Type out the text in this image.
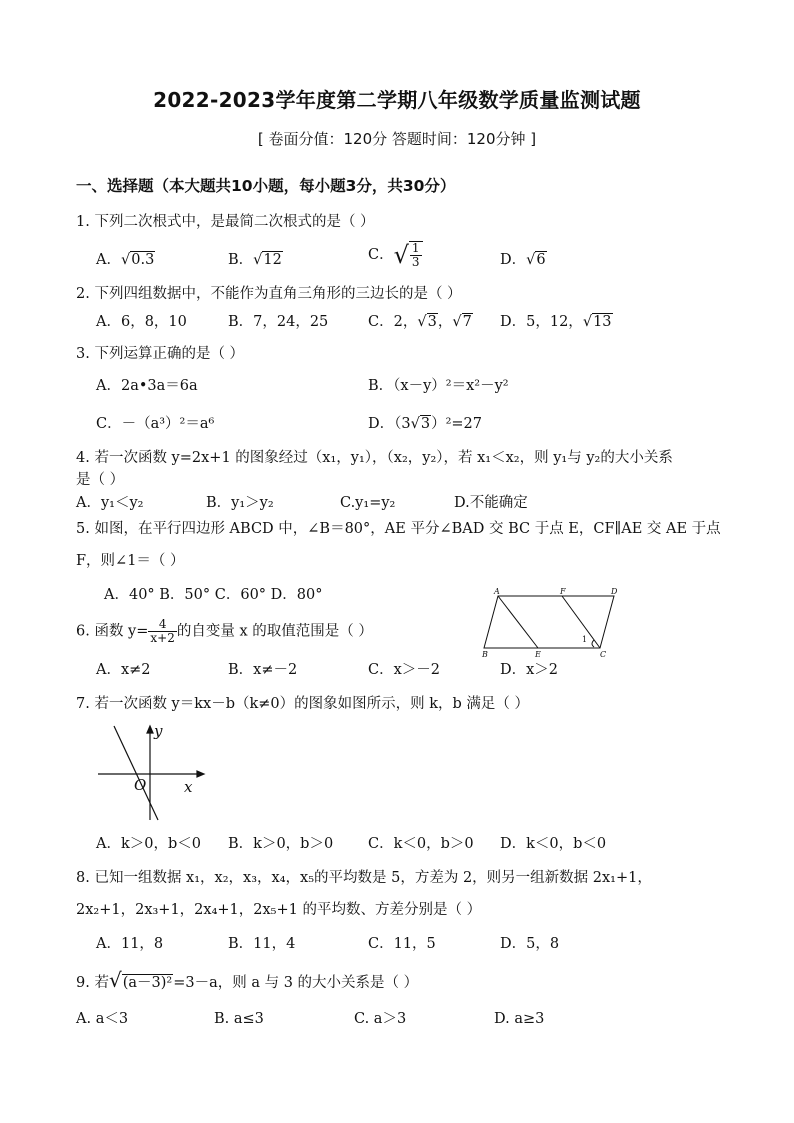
2022-2023学年度第二学期八年级数学质量监测试题
[ 卷面分值：120分 答题时间：120分钟 ]
一、选择题（本大题共10小题，每小题3分，共30分）
1. 下列二次根式中，是最简二次根式的是（ ）
A．√0.3	B．√12	C．√ $\frac{1}{3}$	D．√6
2. 下列四组数据中，不能作为直角三角形的三边长的是（ ）
A．6，8，10	B．7，24，25	C．2，√3，√7 D．5，12，√13
3. 下列运算正确的是（ ）
A．2a•3a＝6a	B．（x－y）²＝x²－y²
C．－（a³）²＝a⁶	D．（3√3）²=27
4. 若一次函数 y=2x+1 的图象经过（x₁，y₁），（x₂，y₂），若 x₁＜x₂，则 y₁与 y₂的大小关系
是（ ）
A．y₁＜y₂	B．y₁＞y₂	C.y₁=y₂	D.不能确定
5. 如图，在平行四边形 ABCD 中，∠B＝80°，AE 平分∠BAD 交 BC 于点 E，CF∥AE 交 AE 于点
F，则∠1＝（ ）
A．40° B．50° C．60° D．80°	A	F	D
B	E	C
1
6. 函数 $y= \frac{4}{x+2}$ 的自变量 x 的取值范围是（ ）
A．x≠2	B．x≠－2	C．x＞－2	D．x＞2
7. 若一次函数 y＝kx－b（k≠0）的图象如图所示，则 k，b 满足（ ）
y
x
O
A．k＞0，b＜0 B．k＞0，b＞0 C．k＜0，b＞0 D．k＜0，b＜0
8. 已知一组数据 x₁，x₂，x₃，x₄，x₅的平均数是 5，方差为 2，则另一组新数据 2x₁+1，
2x₂+1，2x₃+1，2x₄+1，2x₅+1 的平均数、方差分别是（ ）
A．11，8	B．11，4	C．11，5	D．5，8
9. 若√(a－3)²=3－a，则 a 与 3 的大小关系是（ ）
A. a＜3	B. a≤3	C. a＞3	D. a≥3
